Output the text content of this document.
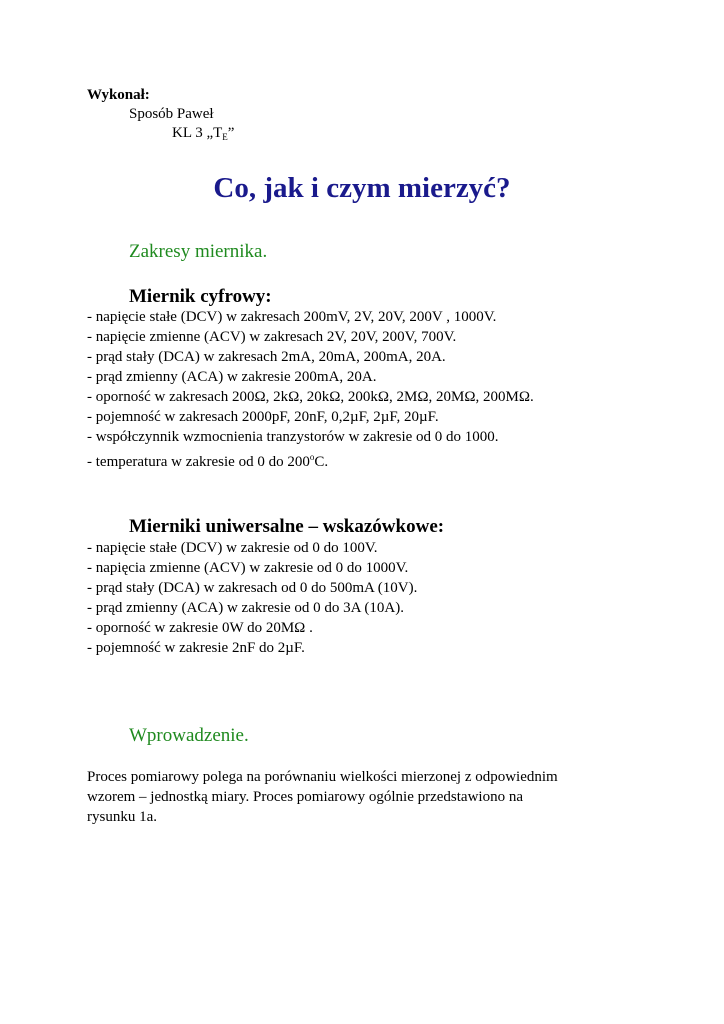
Wykonał:
Sposób Paweł
KL 3 $„T_E$”
Co, jak i czym mierzyć?
Zakresy miernika.
Miernik cyfrowy:
- napięcie stałe (DCV) w zakresach 200mV, 2V, 20V, 200V , 1000V.
- napięcie zmienne (ACV) w zakresach 2V, 20V, 200V, 700V.
- prąd stały (DCA) w zakresach 2mA, 20mA, 200mA, 20A.
- prąd zmienny (ACA) w zakresie 200mA, 20A.
- oporność w zakresach 200Ω, 2kΩ, 20kΩ, 200kΩ, 2MΩ, 20MΩ, 200MΩ.
- pojemność w zakresach 2000pF, 20nF, 0,2µF, 2µF, 20µF.
- współczynnik wzmocnienia tranzystorów w zakresie od 0 do 1000.
- temperatura w zakresie od 0 do 200$^o$C.
Mierniki uniwersalne – wskazówkowe:
- napięcie stałe (DCV) w zakresie od 0 do 100V.
- napięcia zmienne (ACV) w zakresie od 0 do 1000V.
- prąd stały (DCA) w zakresach od 0 do 500mA (10V).
- prąd zmienny (ACA) w zakresie od 0 do 3A (10A).
- oporność w zakresie 0W do 20MΩ .
- pojemność w zakresie 2nF do 2µF.
Wprowadzenie.

Proces pomiarowy polega na porównaniu wielkości mierzonej z odpowiednim
wzorem – jednostką miary. Proces pomiarowy ogólnie przedstawiono na
rysunku 1a.
